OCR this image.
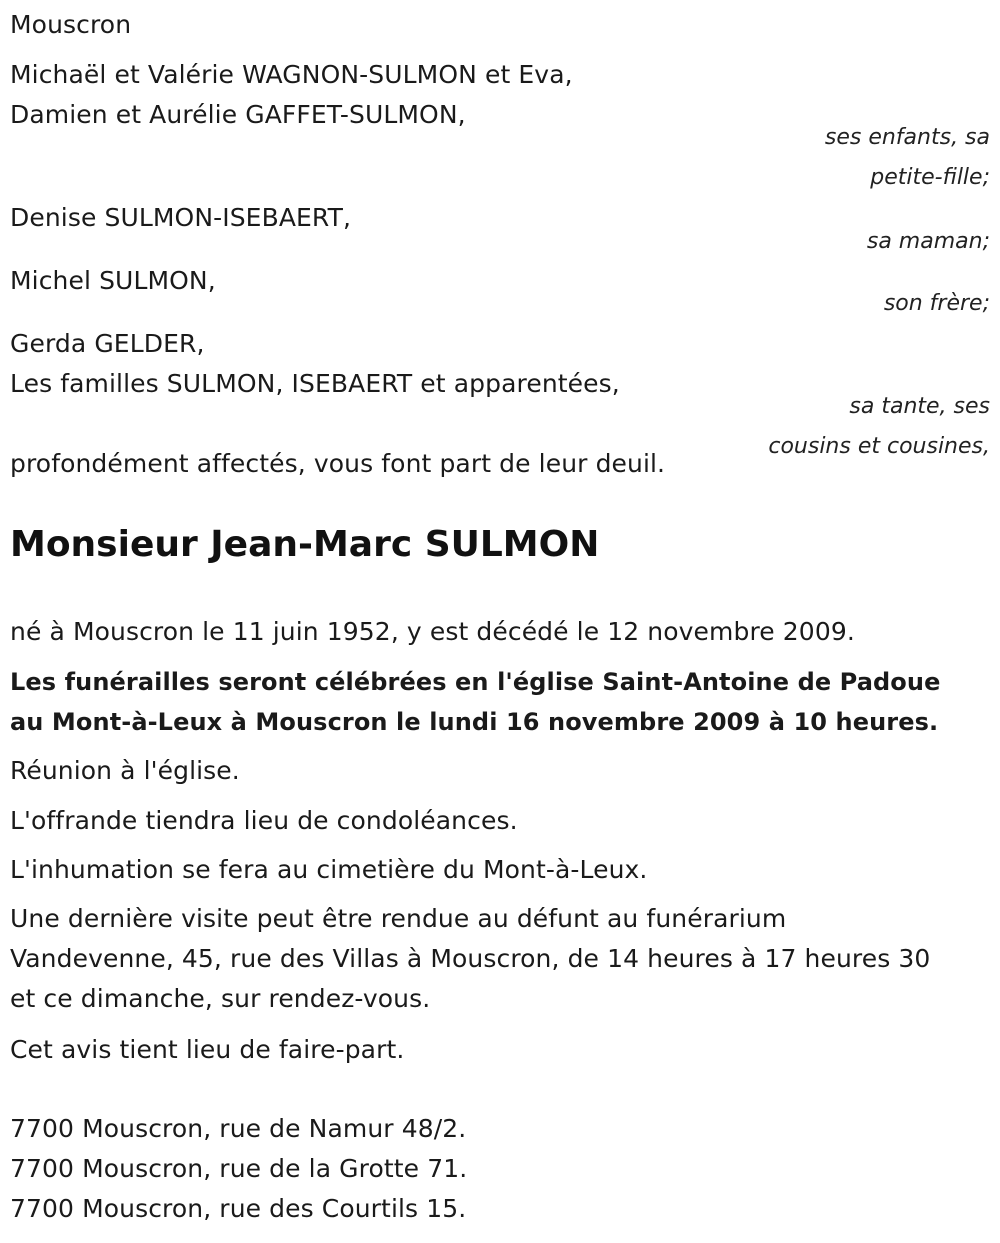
Mouscron
Michaël et Valérie WAGNON-SULMON et Eva,
Damien et Aurélie GAFFET-SULMON,
ses enfants, sa
petite-fille;
Denise SULMON-ISEBAERT,
sa maman;
Michel SULMON,
son frère;
Gerda GELDER,
Les familles SULMON, ISEBAERT et apparentées,
sa tante, ses
cousins et cousines,
profondément affectés, vous font part de leur deuil.
Monsieur Jean-Marc SULMON
né à Mouscron le 11 juin 1952, y est décédé le 12 novembre 2009.
Les funérailles seront célébrées en l'église Saint-Antoine de Padoue
au Mont-à-Leux à Mouscron le lundi 16 novembre 2009 à 10 heures.
Réunion à l'église.
L'offrande tiendra lieu de condoléances.
L'inhumation se fera au cimetière du Mont-à-Leux.
Une dernière visite peut être rendue au défunt au funérarium
Vandevenne, 45, rue des Villas à Mouscron, de 14 heures à 17 heures 30
et ce dimanche, sur rendez-vous.
Cet avis tient lieu de faire-part.
7700 Mouscron, rue de Namur 48/2.
7700 Mouscron, rue de la Grotte 71.
7700 Mouscron, rue des Courtils 15.
